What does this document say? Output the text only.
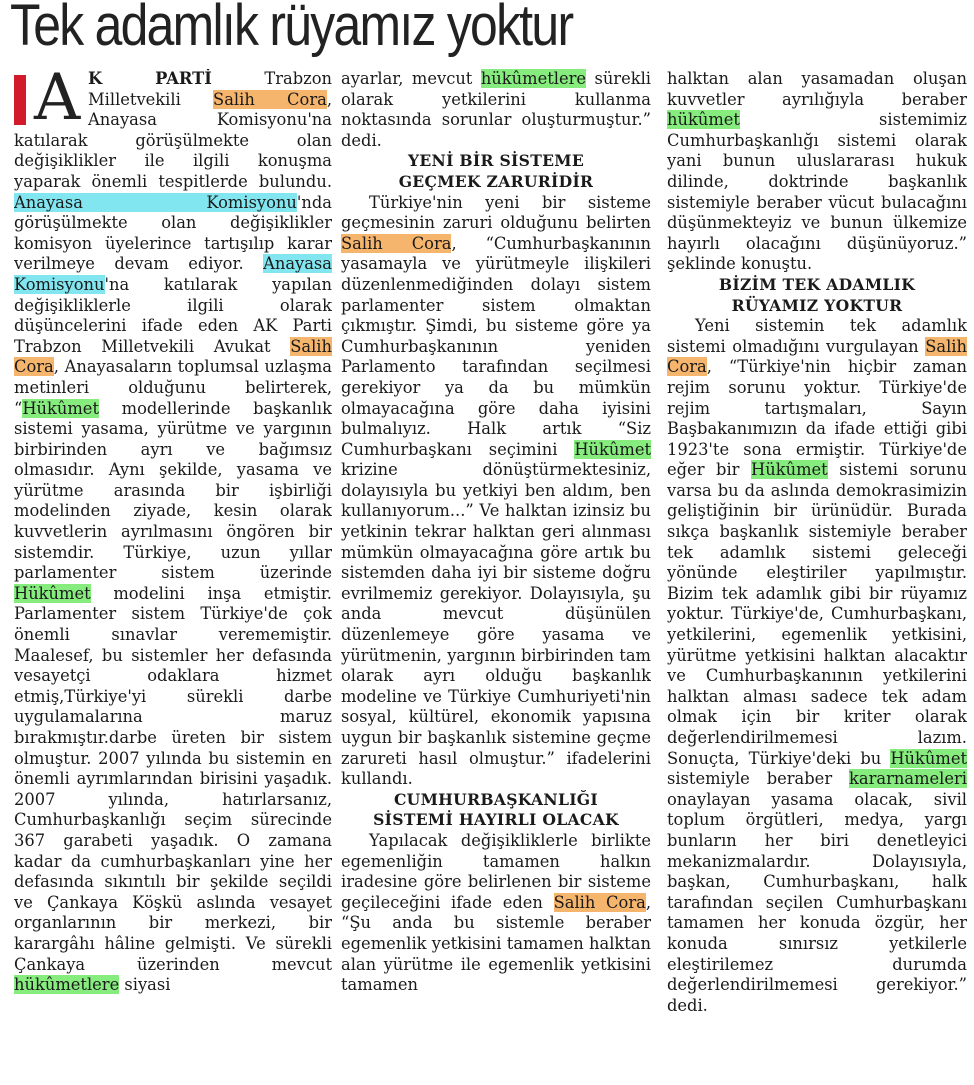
Tek adamlık rüyamız yoktur
A K PARTİ Trabzon Milletvekili Salih Cora, Anayasa Komisyonu'na katılarak görüşülmekte olan değişiklikler ile ilgili konuşma yaparak önemli tespitlerde bulundu. Anayasa Komisyonu'nda görüşülmekte olan değişiklikler komisyon üyelerince tartışılıp karar verilmeye devam ediyor. Anayasa Komisyonu'na katılarak yapılan değişikliklerle ilgili olarak düşüncelerini ifade eden AK Parti Trabzon Milletvekili Avukat Salih Cora, Anayasaların toplumsal uzlaşma metinleri olduğunu belirterek, “Hükûmet modellerinde başkanlık sistemi yasama, yürütme ve yargının birbirinden ayrı ve bağımsız olmasıdır. Aynı şekilde, yasama ve yürütme arasında bir işbirliği modelinden ziyade, kesin olarak kuvvetlerin ayrılmasını öngören bir sistemdir. Türkiye, uzun yıllar parlamenter sistem üzerinde Hükûmet modelini inşa etmiştir. Parlamenter sistem Türkiye'de çok önemli sınavlar verememiştir. Maalesef, bu sistemler her defasında vesayetçi odaklara hizmet etmiş,Türkiye'yi sürekli darbe uygulamalarına maruz bırakmıştır.darbe üreten bir sistem olmuştur. 2007 yılında bu sistemin en önemli ayrımlarından birisini yaşadık. 2007 yılında, hatırlarsanız, Cumhurbaşkanlığı seçim sürecinde 367 garabeti yaşadık. O zamana kadar da cumhurbaşkanları yine her defasında sıkıntılı bir şekilde seçildi ve Çankaya Köşkü aslında vesayet organlarının bir merkezi, bir karargâhı hâline gelmişti. Ve sürekli Çankaya üzerinden mevcut hükûmetlere siyasi

ayarlar, mevcut hükûmetlere sürekli olarak yetkilerini kullanma noktasında sorunlar oluşturmuştur.” dedi.

YENİ BİR SİSTEME
GEÇMEK ZARURİDİR

Türkiye'nin yeni bir sisteme geçmesinin zaruri olduğunu belirten Salih Cora, “Cumhurbaşkanının yasamayla ve yürütmeyle ilişkileri düzenlenmediğinden dolayı sistem parlamenter sistem olmaktan çıkmıştır. Şimdi, bu sisteme göre ya Cumhurbaşkanının yeniden Parlamento tarafından seçilmesi gerekiyor ya da bu mümkün olmayacağına göre daha iyisini bulmalıyız. Halk artık “Siz Cumhurbaşkanı seçimini Hükûmet krizine dönüştürmektesiniz, dolayısıyla bu yetkiyi ben aldım, ben kullanıyorum...” Ve halktan izinsiz bu yetkinin tekrar halktan geri alınması mümkün olmayacağına göre artık bu sistemden daha iyi bir sisteme doğru evrilmemiz gerekiyor. Dolayısıyla, şu anda mevcut düşünülen düzenlemeye göre yasama ve yürütmenin, yargının birbirinden tam olarak ayrı olduğu başkanlık modeline ve Türkiye Cumhuriyeti'nin sosyal, kültürel, ekonomik yapısına uygun bir başkanlık sistemine geçme zarureti hasıl olmuştur.” ifadelerini kullandı.

CUMHURBAŞKANLIĞI
SİSTEMİ HAYIRLI OLACAK

Yapılacak değişikliklerle birlikte egemenliğin tamamen halkın iradesine göre belirlenen bir sisteme geçileceğini ifade eden Salih Cora, “Şu anda bu sistemle beraber egemenlik yetkisini tamamen halktan alan yürütme ile egemenlik yetkisini tamamen

halktan alan yasamadan oluşan kuvvetler ayrılığıyla beraber hükûmet sistemimiz Cumhurbaşkanlığı sistemi olarak yani bunun uluslararası hukuk dilinde, doktrinde başkanlık sistemiyle beraber vücut bulacağını düşünmekteyiz ve bunun ülkemize hayırlı olacağını düşünüyoruz.” şeklinde konuştu.

BİZİM TEK ADAMLIK
RÜYAMIZ YOKTUR

Yeni sistemin tek adamlık sistemi olmadığını vurgulayan Salih Cora, “Türkiye'nin hiçbir zaman rejim sorunu yoktur. Türkiye'de rejim tartışmaları, Sayın Başbakanımızın da ifade ettiği gibi 1923'te sona ermiştir. Türkiye'de eğer bir Hükûmet sistemi sorunu varsa bu da aslında demokrasimizin geliştiğinin bir ürünüdür. Burada sıkça başkanlık sistemiyle beraber tek adamlık sistemi geleceği yönünde eleştiriler yapılmıştır. Bizim tek adamlık gibi bir rüyamız yoktur. Türkiye'de, Cumhurbaşkanı, yetkilerini, egemenlik yetkisini, yürütme yetkisini halktan alacaktır ve Cumhurbaşkanının yetkilerini halktan alması sadece tek adam olmak için bir kriter olarak değerlendirilmemesi lazım. Sonuçta, Türkiye'deki bu Hükûmet sistemiyle beraber kararnameleri onaylayan yasama olacak, sivil toplum örgütleri, medya, yargı bunların her biri denetleyici mekanizmalardır. Dolayısıyla, başkan, Cumhurbaşkanı, halk tarafından seçilen Cumhurbaşkanı tamamen her konuda özgür, her konuda sınırsız yetkilerle eleştirilemez durumda değerlendirilmemesi gerekiyor.” dedi.
